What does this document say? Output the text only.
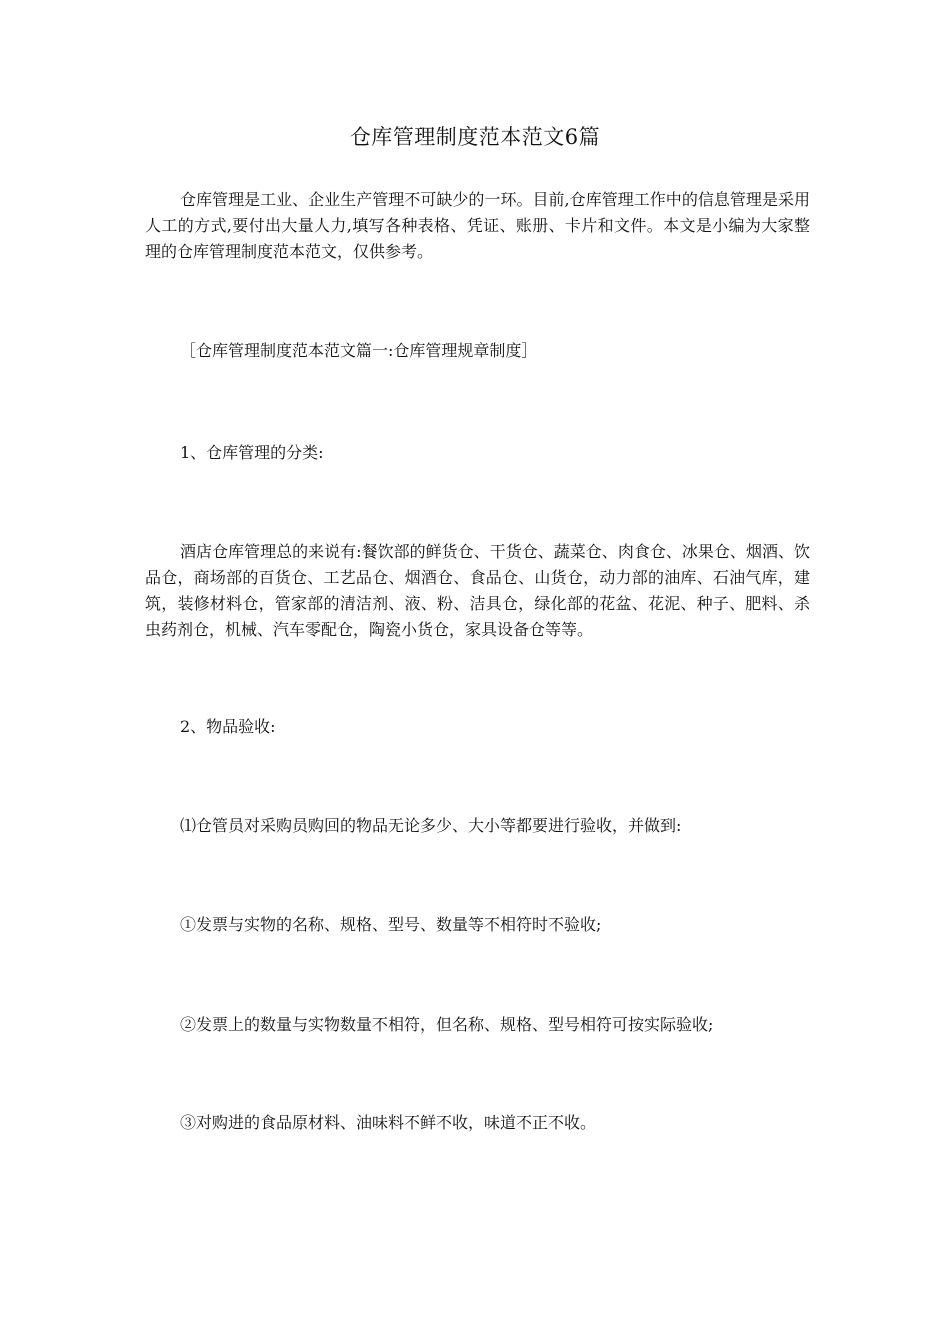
仓库管理制度范本范文6篇
仓库管理是工业、企业生产管理不可缺少的一环。目前,仓库管理工作中的信息管理是采用人工的方式,要付出大量人力,填写各种表格、凭证、账册、卡片和文件。本文是小编为大家整理的仓库管理制度范本范文，仅供参考。
［仓库管理制度范本范文篇一:仓库管理规章制度］
1、仓库管理的分类:
酒店仓库管理总的来说有:餐饮部的鲜货仓、干货仓、蔬菜仓、肉食仓、冰果仓、烟酒、饮品仓，商场部的百货仓、工艺品仓、烟酒仓、食品仓、山货仓，动力部的油库、石油气库，建筑，装修材料仓，管家部的清洁剂、液、粉、洁具仓，绿化部的花盆、花泥、种子、肥料、杀虫药剂仓，机械、汽车零配仓，陶瓷小货仓，家具设备仓等等。
2、物品验收:
⑴仓管员对采购员购回的物品无论多少、大小等都要进行验收，并做到:
①发票与实物的名称、规格、型号、数量等不相符时不验收;
②发票上的数量与实物数量不相符，但名称、规格、型号相符可按实际验收;
③对购进的食品原材料、油味料不鲜不收，味道不正不收。
